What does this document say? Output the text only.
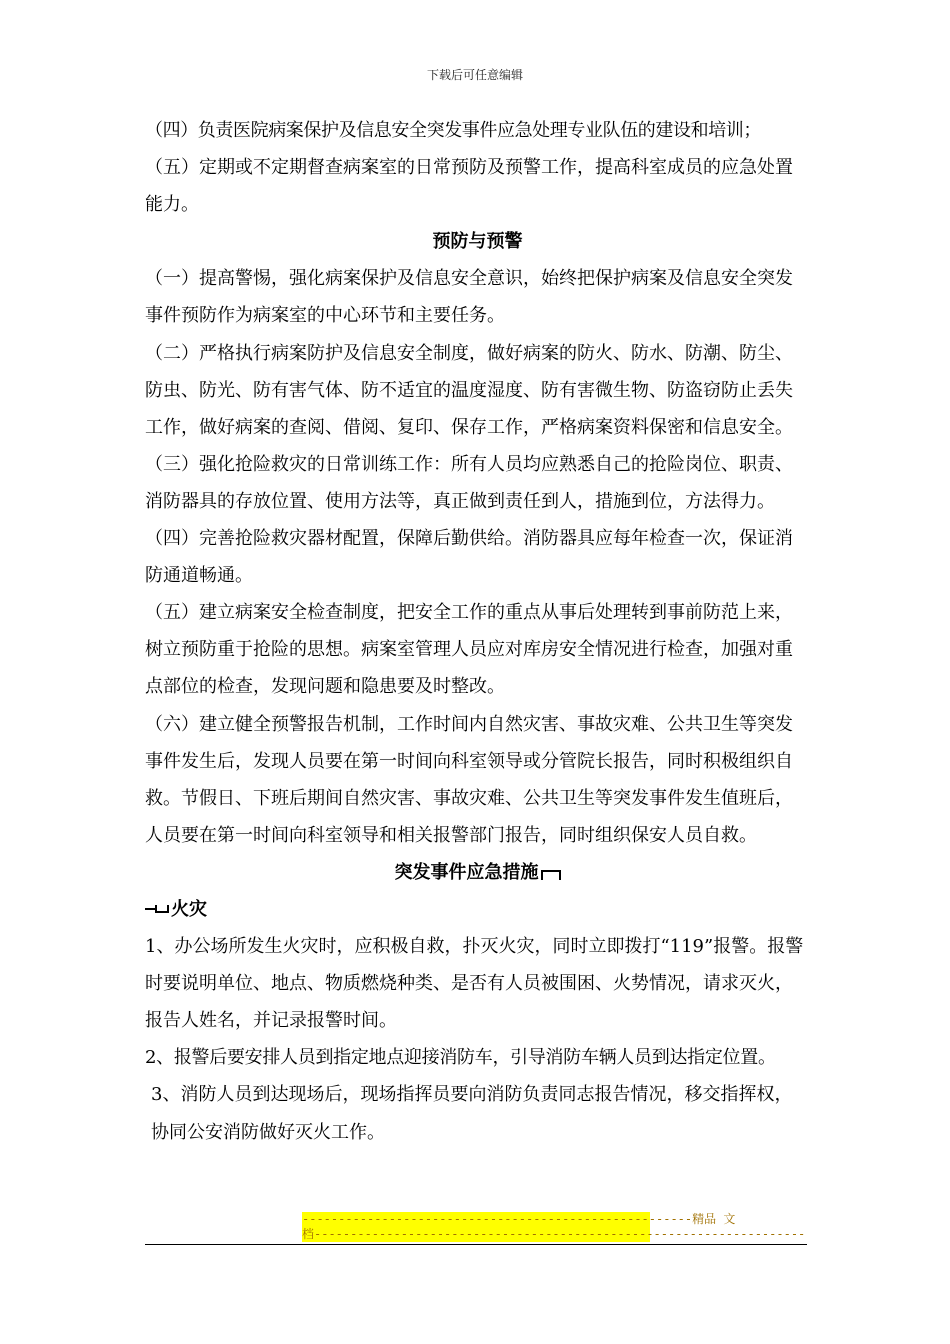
下载后可任意编辑

（四）负责医院病案保护及信息安全突发事件应急处理专业队伍的建设和培训；

（五）定期或不定期督查病案室的日常预防及预警工作，提高科室成员的应急处置能力。

预防与预警

（一）提高警惕，强化病案保护及信息安全意识，始终把保护病案及信息安全突发事件预防作为病案室的中心环节和主要任务。

（二）严格执行病案防护及信息安全制度，做好病案的防火、防水、防潮、防尘、防虫、防光、防有害气体、防不适宜的温度湿度、防有害微生物、防盗窃防止丢失工作，做好病案的查阅、借阅、复印、保存工作，严格病案资料保密和信息安全。

（三）强化抢险救灾的日常训练工作：所有人员均应熟悉自己的抢险岗位、职责、消防器具的存放位置、使用方法等，真正做到责任到人，措施到位，方法得力。（四）完善抢险救灾器材配置，保障后勤供给。消防器具应每年检查一次，保证消防通道畅通。

（五）建立病案安全检查制度，把安全工作的重点从事后处理转到事前防范上来，树立预防重于抢险的思想。病案室管理人员应对库房安全情况进行检查，加强对重点部位的检查，发现问题和隐患要及时整改。

（六）建立健全预警报告机制，工作时间内自然灾害、事故灾难、公共卫生等突发事件发生后，发现人员要在第一时间向科室领导或分管院长报告，同时积极组织自救。节假日、下班后期间自然灾害、事故灾难、公共卫生等突发事件发生值班后，人员要在第一时间向科室领导和相关报警部门报告，同时组织保安人员自救。

突发事件应急措施

火灾

1、办公场所发生火灾时，应积极自救，扑灭火灾，同时立即拨打“119”报警。报警时要说明单位、地点、物质燃烧种类、是否有人员被围困、火势情况，请求灭火，报告人姓名，并记录报警时间。

2、报警后要安排人员到指定地点迎接消防车，引导消防车辆人员到达指定位置。

3、消防人员到达现场后，现场指挥员要向消防负责同志报告情况，移交指挥权，协同公安消防做好灭火工作。

------------------------------------------------------精品 文
档--------------------------------------------------------------------
